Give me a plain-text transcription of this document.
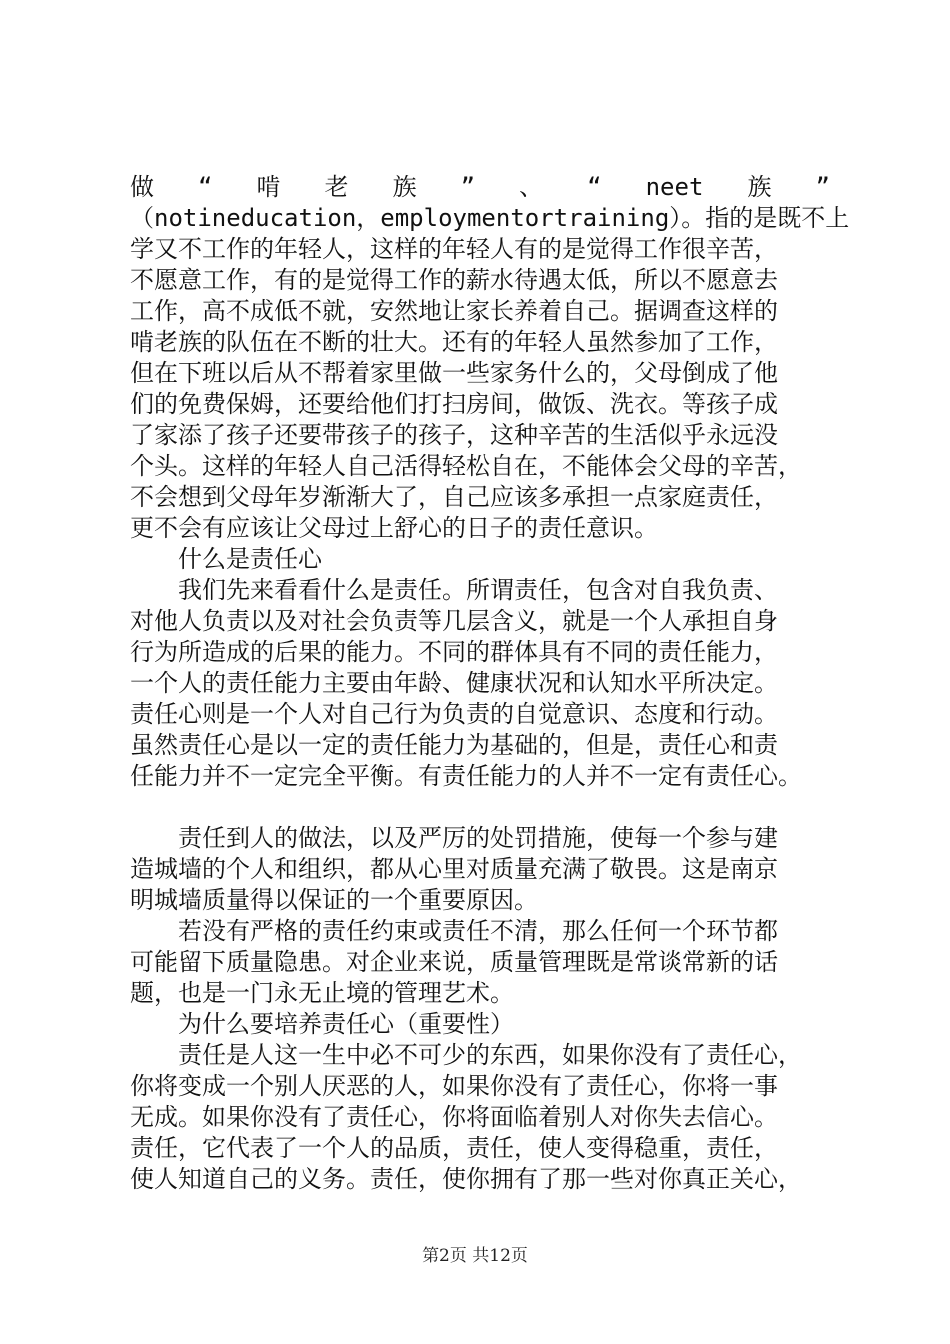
做 “ 啃 老 族 ” 、 “ neet 族 ”
（notineducation，employmentortraining）。指的是既不上
学又不工作的年轻人，这样的年轻人有的是觉得工作很辛苦，
不愿意工作，有的是觉得工作的薪水待遇太低，所以不愿意去
工作，高不成低不就，安然地让家长养着自己。据调查这样的
啃老族的队伍在不断的壮大。还有的年轻人虽然参加了工作，
但在下班以后从不帮着家里做一些家务什么的，父母倒成了他
们的免费保姆，还要给他们打扫房间，做饭、洗衣。等孩子成
了家添了孩子还要带孩子的孩子，这种辛苦的生活似乎永远没
个头。这样的年轻人自己活得轻松自在，不能体会父母的辛苦，
不会想到父母年岁渐渐大了，自己应该多承担一点家庭责任，
更不会有应该让父母过上舒心的日子的责任意识。
什么是责任心
我们先来看看什么是责任。所谓责任，包含对自我负责、
对他人负责以及对社会负责等几层含义，就是一个人承担自身
行为所造成的后果的能力。不同的群体具有不同的责任能力，
一个人的责任能力主要由年龄、健康状况和认知水平所决定。
责任心则是一个人对自己行为负责的自觉意识、态度和行动。
虽然责任心是以一定的责任能力为基础的，但是，责任心和责
任能力并不一定完全平衡。有责任能力的人并不一定有责任心。
责任到人的做法，以及严厉的处罚措施，使每一个参与建
造城墙的个人和组织，都从心里对质量充满了敬畏。这是南京
明城墙质量得以保证的一个重要原因。
若没有严格的责任约束或责任不清，那么任何一个环节都
可能留下质量隐患。对企业来说，质量管理既是常谈常新的话
题，也是一门永无止境的管理艺术。
为什么要培养责任心（重要性）
责任是人这一生中必不可少的东西，如果你没有了责任心，
你将变成一个别人厌恶的人，如果你没有了责任心，你将一事
无成。如果你没有了责任心，你将面临着别人对你失去信心。
责任，它代表了一个人的品质，责任，使人变得稳重，责任，
使人知道自己的义务。责任，使你拥有了那一些对你真正关心，
第2页 共12页
